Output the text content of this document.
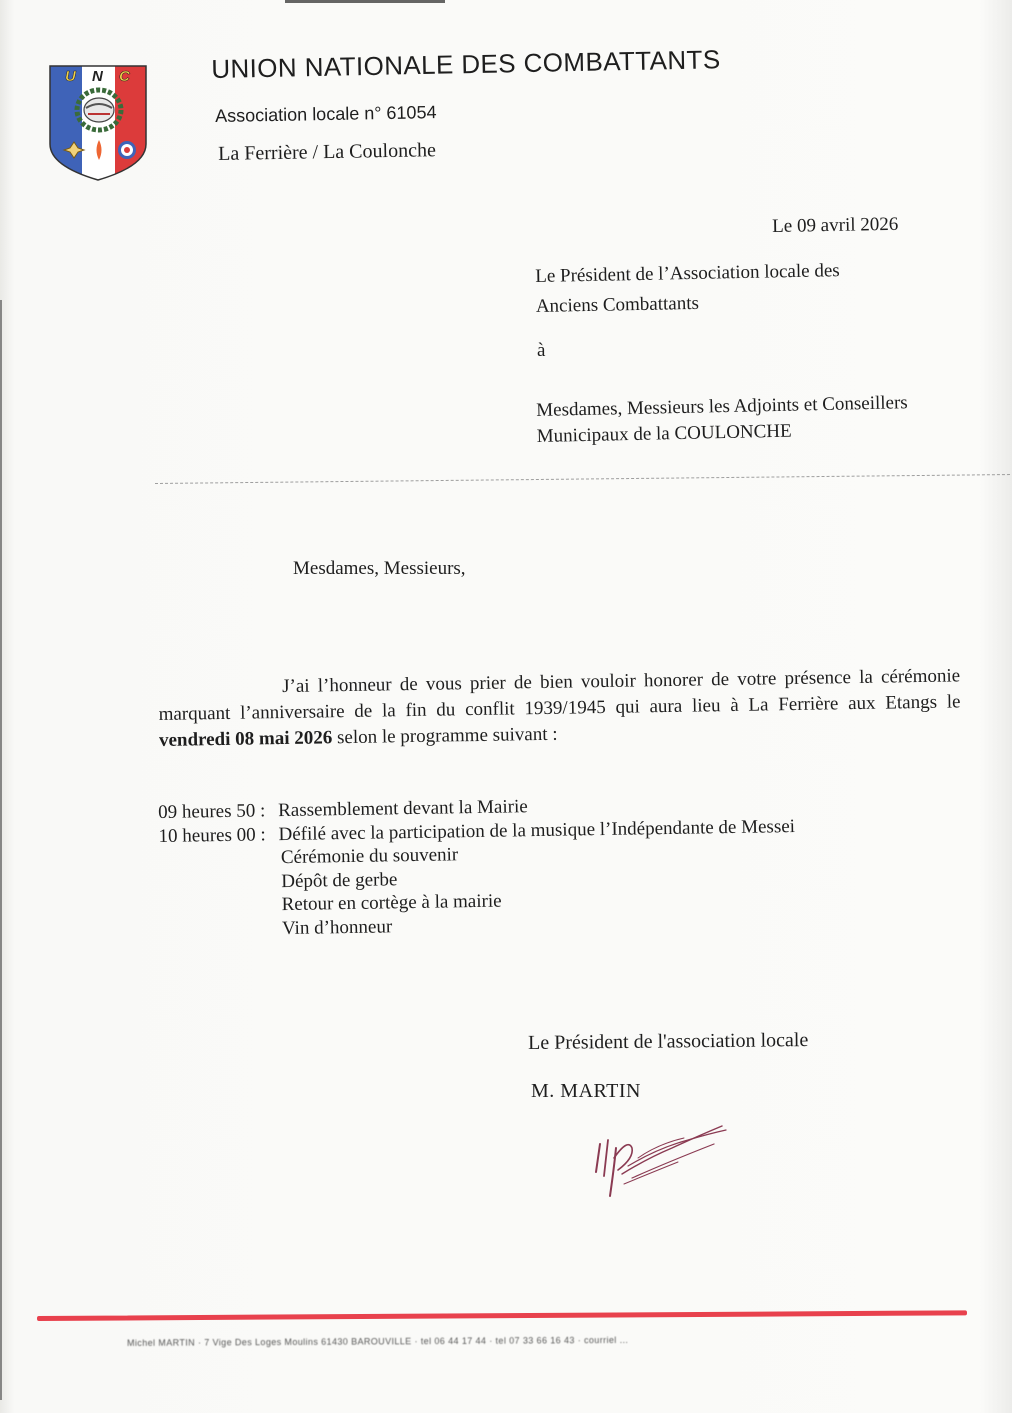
U N C	UNION NATIONALE DES COMBATTANTS
Association locale n° 61054
La Ferrière / La Coulonche
Le 09 avril 2026
Le Président de l’Association locale des
Anciens Combattants
à
Mesdames, Messieurs les Adjoints et Conseillers
Municipaux de la COULONCHE
Mesdames, Messieurs,
J’ai l’honneur de vous prier de bien vouloir honorer de votre présence la cérémonie
marquant l’anniversaire de la fin du conflit 1939/1945 qui aura lieu à La Ferrière aux Etangs le
vendredi 08 mai 2026 selon le programme suivant :
09 heures 50 : Rassemblement devant la Mairie
10 heures 00 : Défilé avec la participation de la musique l’Indépendante de Messei
Cérémonie du souvenir
Dépôt de gerbe
Retour en cortège à la mairie
Vin d’honneur
Le Président de l'association locale
M. MARTIN
Michel MARTIN · 7 Vige Des Loges Moulins 61430 BAROUVILLE · tel 06 44 17 44 · tel 07 33 66 16 43 · courriel ...
